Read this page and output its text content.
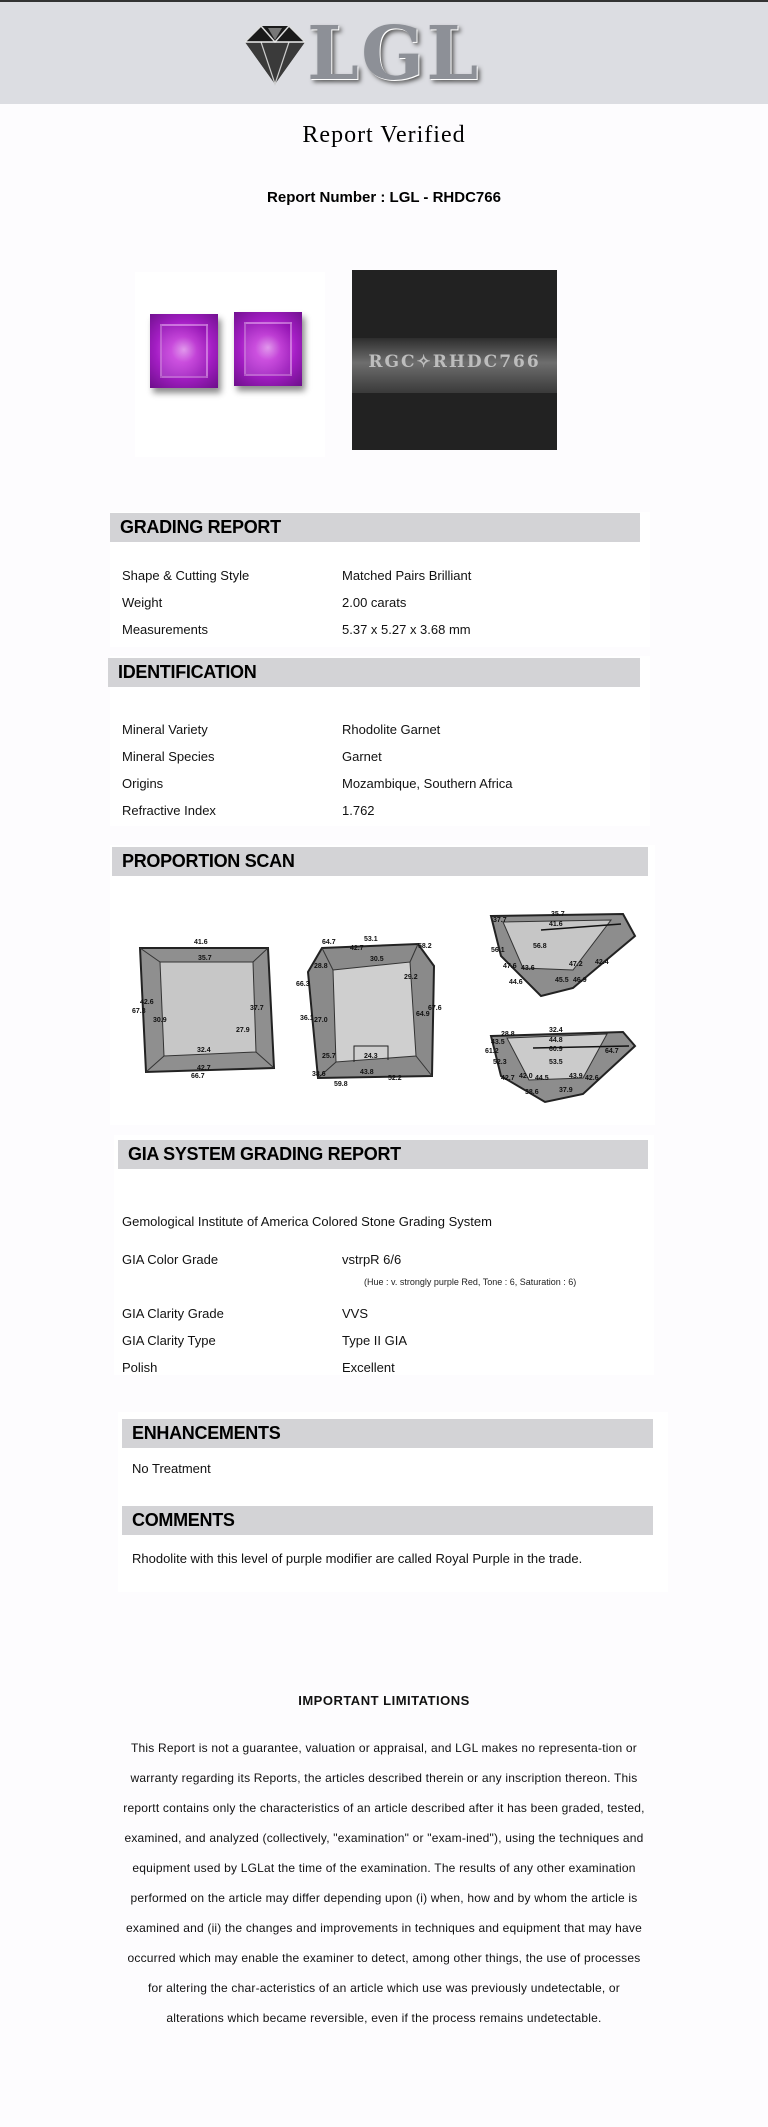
LGL
Report Verified
Report Number : LGL - RHDC766
RGC✧RHDC766
GRADING REPORT
Shape & Cutting Style	Matched Pairs Brilliant
Weight	2.00 carats
Measurements	5.37 x 5.27 x 3.68 mm
IDENTIFICATION
Mineral Variety	Rhodolite Garnet
Mineral Species	Garnet
Origins	Mozambique, Southern Africa
Refractive Index	1.762
PROPORTION SCAN
41.6
35.7
42.6
67.3
30.9
37.7
27.9
32.4
42.7
66.7
64.7	53.1
42.7
30.5
58.2
28.8
66.3
29.2
64.9
36.1 27.0
24.3
25.7
38.6	43.8
52.2
59.8
67.6
37.7
35.7
41.6
56.8
56.1
47.2 42.4
47.6 43.6
45.5 46.9
44.6
28.8
32.4
44.8
43.5
60.9
61.2	64.7
53.5
52.3
42.7 42.0 44.5	43.9 42.6
37.9
38.6
GIA SYSTEM GRADING REPORT
Gemological Institute of America Colored Stone Grading System
GIA Color Grade	vstrpR 6/6
(Hue : v. strongly purple Red, Tone : 6, Saturation : 6)
GIA Clarity Grade	VVS
GIA Clarity Type	Type II GIA
Polish	Excellent
ENHANCEMENTS
No Treatment
COMMENTS
Rhodolite with this level of purple modifier are called Royal Purple in the trade.
IMPORTANT LIMITATIONS
This Report is not a guarantee, valuation or appraisal, and LGL makes no representa-tion or warranty regarding its Reports, the articles described therein or any inscription thereon. This reportt contains only the characteristics of an article described after it has been graded, tested, examined, and analyzed (collectively, "examination" or "exam-ined"), using the techniques and equipment used by LGLat the time of the examination. The results of any other examination performed on the article may differ depending upon (i) when, how and by whom the article is examined and (ii) the changes and improvements in techniques and equipment that may have occurred which may enable the examiner to detect, among other things, the use of processes for altering the char-acteristics of an article which use was previously undetectable, or alterations which became reversible, even if the process remains undetectable.
